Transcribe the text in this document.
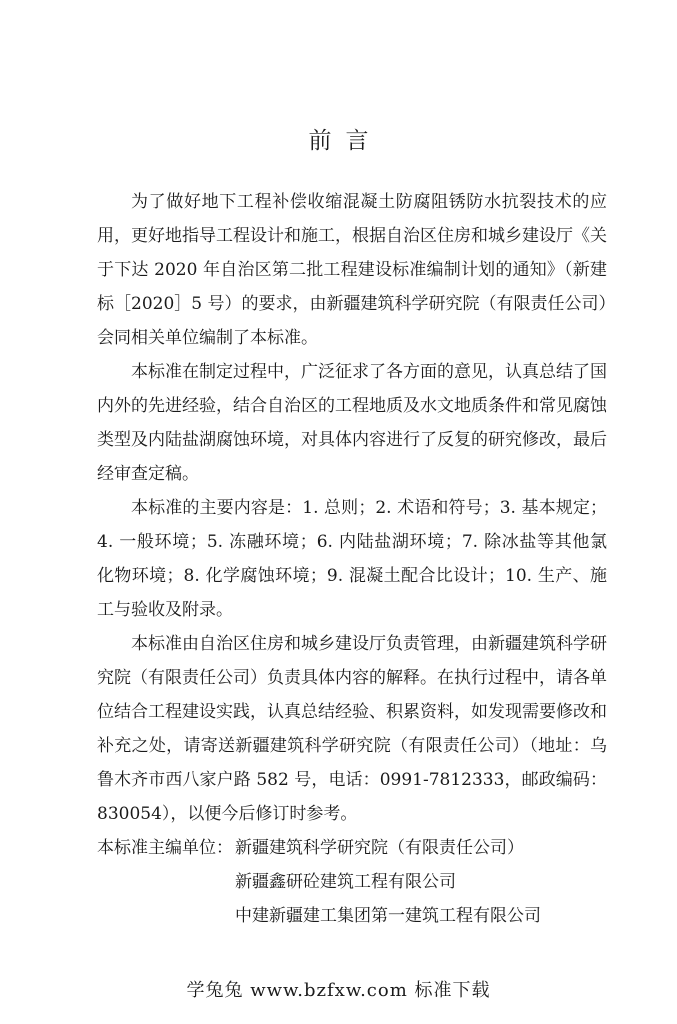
前言

为了做好地下工程补偿收缩混凝土防腐阻锈防水抗裂技术的应用，更好地指导工程设计和施工，根据自治区住房和城乡建设厅《关于下达 2020 年自治区第二批工程建设标准编制计划的通知》（新建标［2020］5 号）的要求，由新疆建筑科学研究院（有限责任公司）会同相关单位编制了本标准。

本标准在制定过程中，广泛征求了各方面的意见，认真总结了国内外的先进经验，结合自治区的工程地质及水文地质条件和常见腐蚀类型及内陆盐湖腐蚀环境，对具体内容进行了反复的研究修改，最后经审查定稿。

本标准的主要内容是：1. 总则；2. 术语和符号；3. 基本规定；4. 一般环境；5. 冻融环境；6. 内陆盐湖环境；7. 除冰盐等其他氯化物环境；8. 化学腐蚀环境；9. 混凝土配合比设计；10. 生产、施工与验收及附录。

本标准由自治区住房和城乡建设厅负责管理，由新疆建筑科学研究院（有限责任公司）负责具体内容的解释。在执行过程中，请各单位结合工程建设实践，认真总结经验、积累资料，如发现需要修改和补充之处，请寄送新疆建筑科学研究院（有限责任公司）（地址：乌鲁木齐市西八家户路 582 号，电话：0991-7812333，邮政编码：830054），以便今后修订时参考。

本标准主编单位： 新疆建筑科学研究院（有限责任公司）

新疆鑫研砼建筑工程有限公司

中建新疆建工集团第一建筑工程有限公司

学兔兔 www.bzfxw.com 标准下载
